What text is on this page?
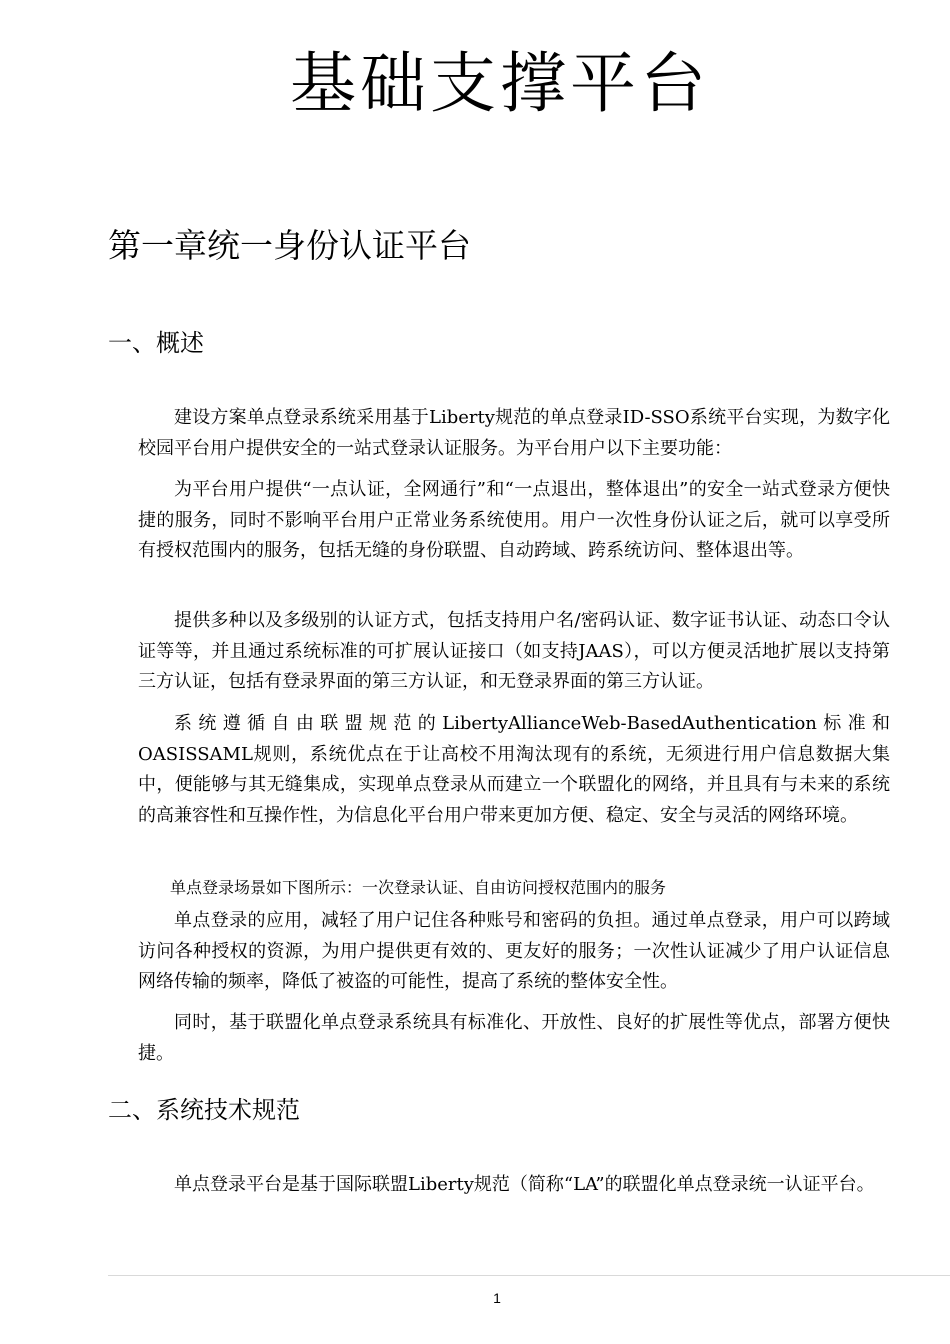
基础支撑平台
第一章统一身份认证平台
一、概述

建设方案单点登录系统采用基于Liberty规范的单点登录ID-SSO系统平台实现，为数字化校园平台用户提供安全的一站式登录认证服务。为平台用户以下主要功能：

为平台用户提供“一点认证，全网通行”和“一点退出，整体退出”的安全一站式登录方便快捷的服务，同时不影响平台用户正常业务系统使用。用户一次性身份认证之后，就可以享受所有授权范围内的服务，包括无缝的身份联盟、自动跨域、跨系统访问、整体退出等。

提供多种以及多级别的认证方式，包括支持用户名/密码认证、数字证书认证、动态口令认证等等，并且通过系统标准的可扩展认证接口（如支持JAAS），可以方便灵活地扩展以支持第三方认证，包括有登录界面的第三方认证，和无登录界面的第三方认证。

系统遵循自由联盟规范的LibertyAllianceWeb-BasedAuthentication标准和OASISSAML规则，系统优点在于让高校不用淘汰现有的系统，无须进行用户信息数据大集中，便能够与其无缝集成，实现单点登录从而建立一个联盟化的网络，并且具有与未来的系统的高兼容性和互操作性，为信息化平台用户带来更加方便、稳定、安全与灵活的网络环境。

单点登录场景如下图所示：一次登录认证、自由访问授权范围内的服务

单点登录的应用，减轻了用户记住各种账号和密码的负担。通过单点登录，用户可以跨域访问各种授权的资源，为用户提供更有效的、更友好的服务；一次性认证减少了用户认证信息网络传输的频率，降低了被盗的可能性，提高了系统的整体安全性。

同时，基于联盟化单点登录系统具有标准化、开放性、良好的扩展性等优点，部署方便快捷。

二、系统技术规范

单点登录平台是基于国际联盟Liberty规范（简称“LA”的联盟化单点登录统一认证平台。

1
